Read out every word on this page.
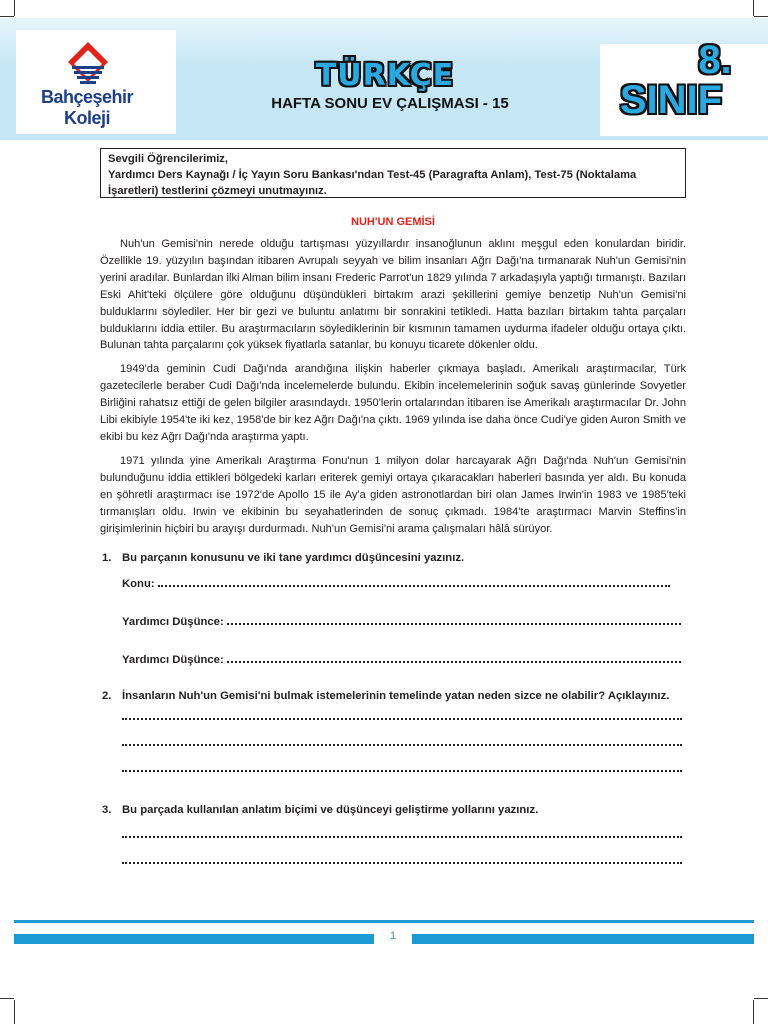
Bahçeşehir
Koleji
TÜRKÇE
HAFTA SONU EV ÇALIŞMASI - 15
8.
SINIF

Sevgili Öğrencilerimiz,

Yardımcı Ders Kaynağı / İç Yayın Soru Bankası'ndan Test-45 (Paragrafta Anlam), Test-75 (Noktalama İşaretleri) testlerini çözmeyi unutmayınız.

NUH'UN GEMİSİ

Nuh'un Gemisi'nin nerede olduğu tartışması yüzyıllardır insanoğlunun aklını meşgul eden konulardan biridir. Özellikle 19. yüzyılın başından itibaren Avrupalı seyyah ve bilim insanları Ağrı Dağı'na tırmanarak Nuh'un Gemisi'nin yerini aradılar. Bunlardan ilki Alman bilim insanı Frederic Parrot'un 1829 yılında 7 arkadaşıyla yaptığı tırmanıştı. Bazıları Eski Ahit'teki ölçülere göre olduğunu düşündükleri birtakım arazi şekillerini gemiye benzetip Nuh'un Gemisi'ni bulduklarını söylediler. Her bir gezi ve buluntu anlatımı bir sonrakini tetikledi. Hatta bazıları birtakım tahta parçaları bulduklarını iddia ettiler. Bu araştırmacıların söylediklerinin bir kısmının tamamen uydurma ifadeler olduğu ortaya çıktı. Bulunan tahta parçalarını çok yüksek fiyatlarla satanlar, bu konuyu ticarete dökenler oldu.

1949'da geminin Cudi Dağı'nda arandığına ilişkin haberler çıkmaya başladı. Amerikalı araştırmacılar, Türk gazetecilerle beraber Cudi Dağı'nda incelemelerde bulundu. Ekibin incelemelerinin soğuk savaş günlerinde Sovyetler Birliğini rahatsız ettiği de gelen bilgiler arasındaydı. 1950'lerin ortalarından itibaren ise Amerikalı araştırmacılar Dr. John Libi ekibiyle 1954'te iki kez, 1958'de bir kez Ağrı Dağı'na çıktı. 1969 yılında ise daha önce Cudi'ye giden Auron Smith ve ekibi bu kez Ağrı Dağı'nda araştırma yaptı.

1971 yılında yine Amerikalı Araştırma Fonu'nun 1 milyon dolar harcayarak Ağrı Dağı'nda Nuh'un Gemisi'nin bulunduğunu iddia ettikleri bölgedeki karları eriterek gemiyi ortaya çıkaracakları haberleri basında yer aldı. Bu konuda en şöhretli araştırmacı ise 1972'de Apollo 15 ile Ay'a giden astronotlardan biri olan James Irwin'in 1983 ve 1985'teki tırmanışları oldu. Irwin ve ekibinin bu seyahatlerinden de sonuç çıkmadı. 1984'te araştırmacı Marvin Steffins'in girişimlerinin hiçbiri bu arayışı durdurmadı. Nuh'un Gemisi'ni arama çalışmaları hâlâ sürüyor.

1. Bu parçanın konusunu ve iki tane yardımcı düşüncesini yazınız.
Konu:
Yardımcı Düşünce:
Yardımcı Düşünce:
2. İnsanların Nuh'un Gemisi'ni bulmak istemelerinin temelinde yatan neden sizce ne olabilir? Açıklayınız.
3. Bu parçada kullanılan anlatım biçimi ve düşünceyi geliştirme yollarını yazınız.
1
